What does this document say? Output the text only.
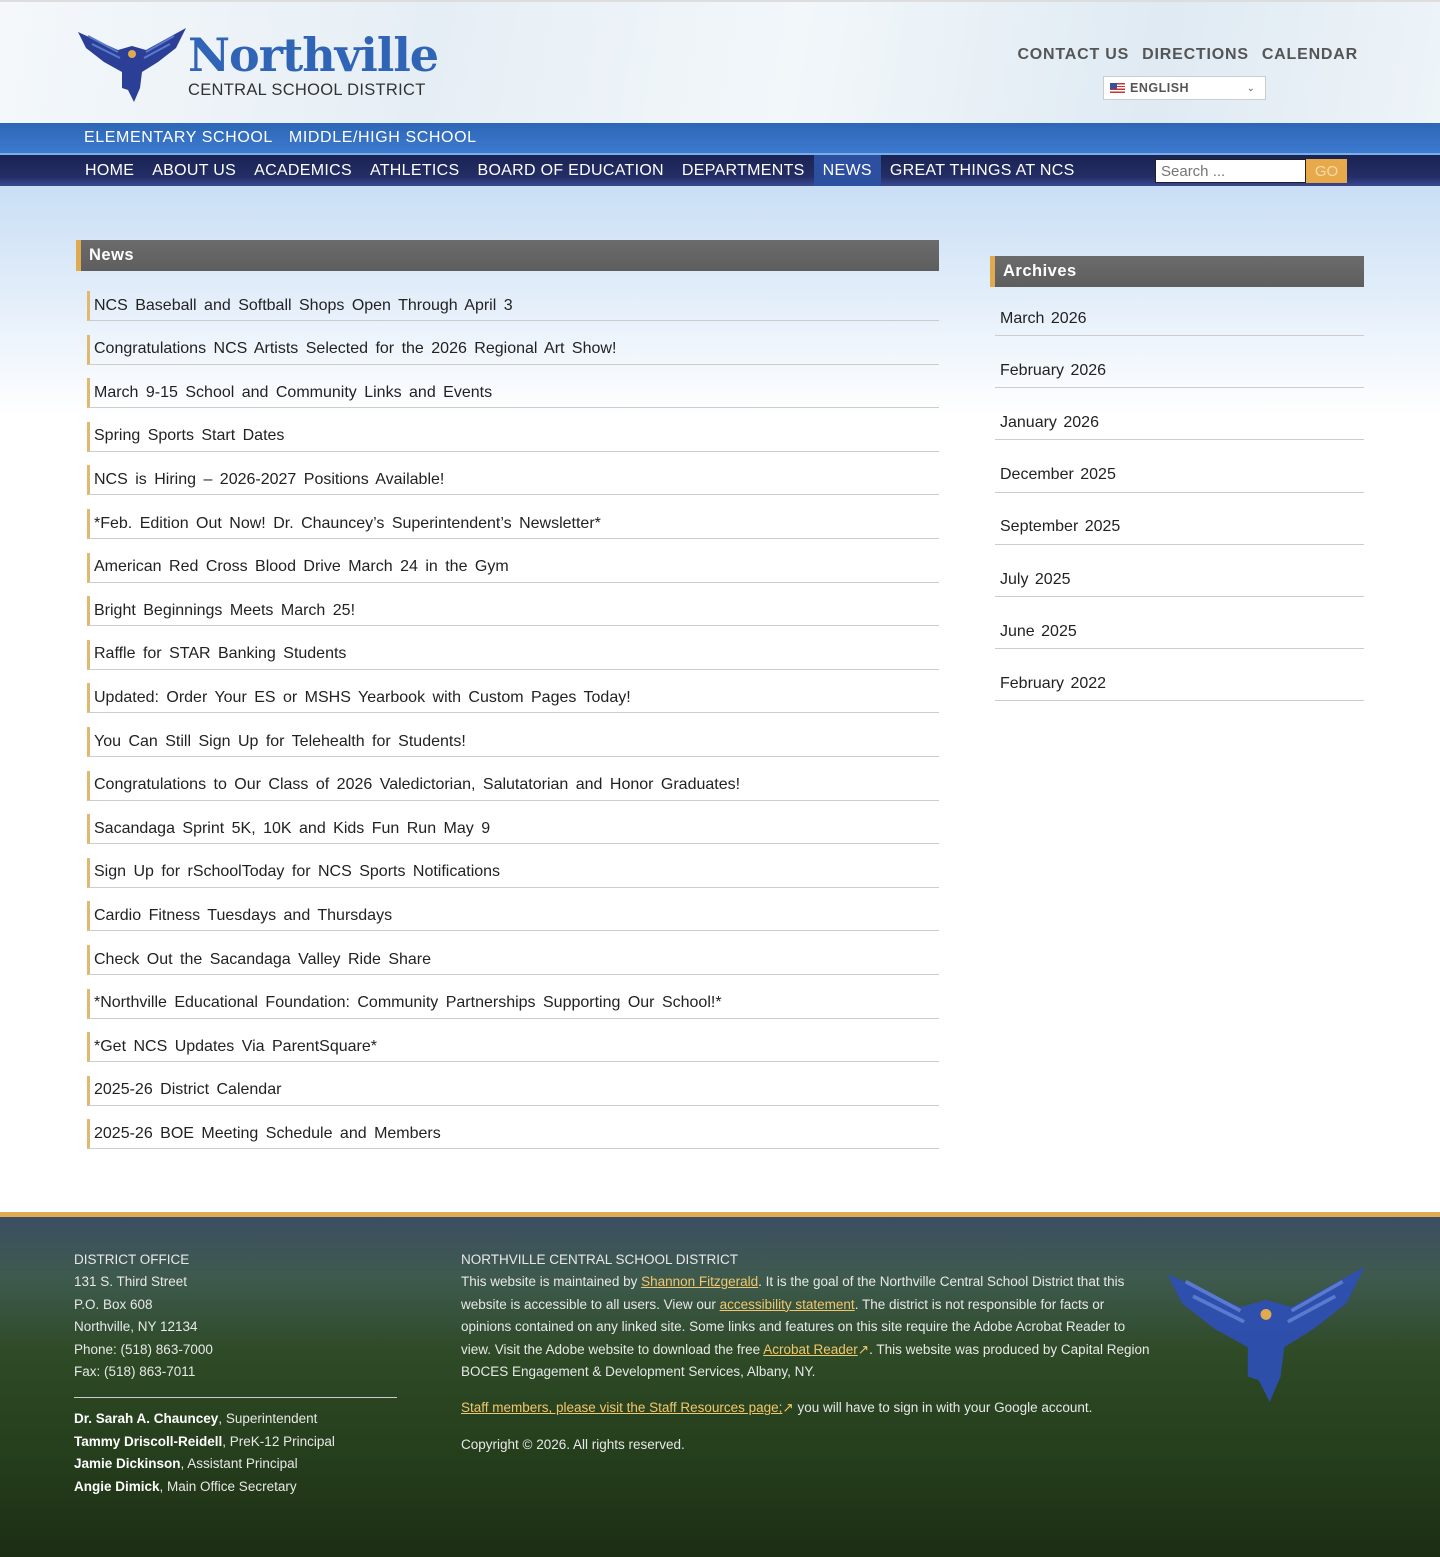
Northville
CENTRAL SCHOOL DISTRICT
CONTACT US DIRECTIONS CALENDAR
ENGLISH	⌄
ELEMENTARY SCHOOL MIDDLE/HIGH SCHOOL
HOME	ABOUT US	ACADEMICS	ATHLETICS	BOARD OF EDUCATION	DEPARTMENTS	NEWS	GREAT THINGS AT NCS
Search ...	GO
News
NCS Baseball and Softball Shops Open Through April 3
Congratulations NCS Artists Selected for the 2026 Regional Art Show!
March 9-15 School and Community Links and Events
Spring Sports Start Dates
NCS is Hiring – 2026-2027 Positions Available!
*Feb. Edition Out Now! Dr. Chauncey’s Superintendent’s Newsletter*
American Red Cross Blood Drive March 24 in the Gym
Bright Beginnings Meets March 25!
Raffle for STAR Banking Students
Updated: Order Your ES or MSHS Yearbook with Custom Pages Today!
You Can Still Sign Up for Telehealth for Students!
Congratulations to Our Class of 2026 Valedictorian, Salutatorian and Honor Graduates!
Sacandaga Sprint 5K, 10K and Kids Fun Run May 9
Sign Up for rSchoolToday for NCS Sports Notifications
Cardio Fitness Tuesdays and Thursdays
Check Out the Sacandaga Valley Ride Share
*Northville Educational Foundation: Community Partnerships Supporting Our School!*
*Get NCS Updates Via ParentSquare*
2025-26 District Calendar
2025-26 BOE Meeting Schedule and Members
Archives
March 2026
February 2026
January 2026
December 2025
September 2025
July 2025
June 2025
February 2022
DISTRICT OFFICE
131 S. Third Street
P.O. Box 608
Northville, NY 12134
Phone: (518) 863-7000
Fax: (518) 863-7011
Dr. Sarah A. Chauncey, Superintendent
Tammy Driscoll-Reidell, PreK-12 Principal
Jamie Dickinson, Assistant Principal
Angie Dimick, Main Office Secretary
NORTHVILLE CENTRAL SCHOOL DISTRICT

This website is maintained by Shannon Fitzgerald. It is the goal of the Northville Central School District that this website is accessible to all users. View our accessibility statement. The district is not responsible for facts or opinions contained on any linked site. Some links and features on this site require the Adobe Acrobat Reader to view. Visit the Adobe website to download the free Acrobat Reader↗. This website was produced by Capital Region BOCES Engagement & Development Services, Albany, NY.

Staff members, please visit the Staff Resources page;↗ you will have to sign in with your Google account.

Copyright © 2026. All rights reserved.
